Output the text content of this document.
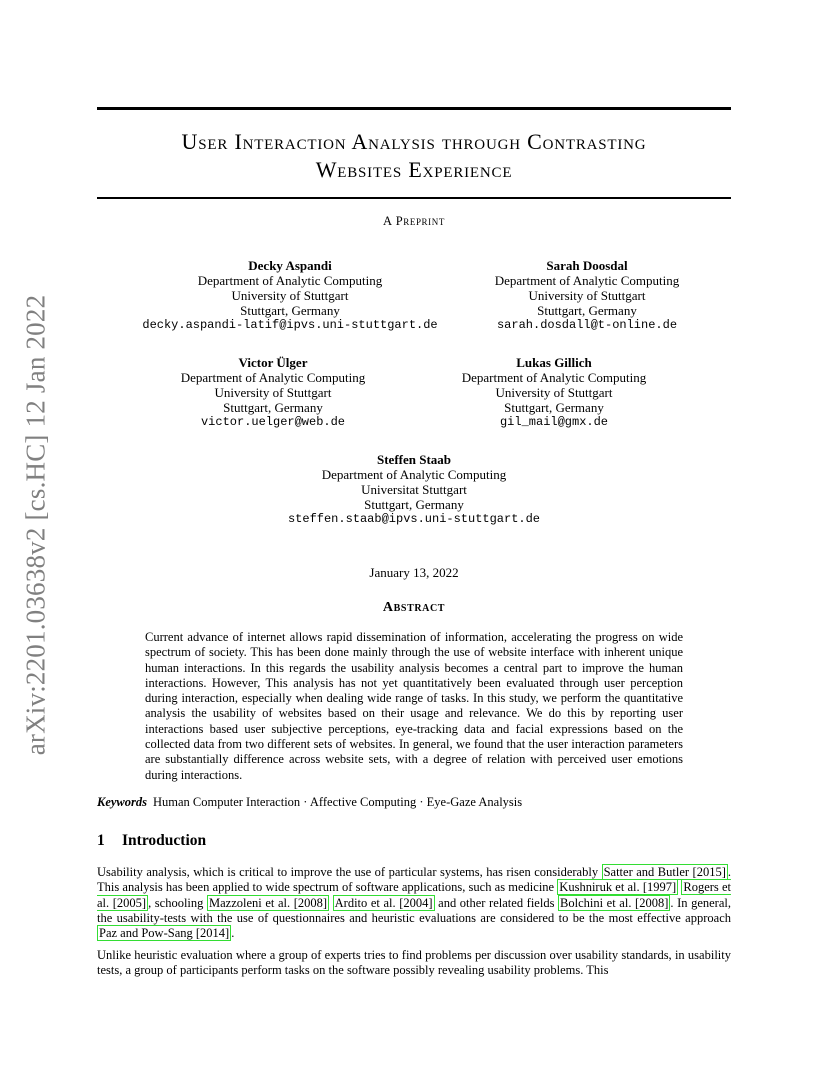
arXiv:2201.03638v2 [cs.HC] 12 Jan 2022
User Interaction Analysis through Contrasting
Websites Experience
A Preprint
Decky Aspandi
Department of Analytic Computing
University of Stuttgart
Stuttgart, Germany
decky.aspandi-latif@ipvs.uni-stuttgart.de
Sarah Doosdal
Department of Analytic Computing
University of Stuttgart
Stuttgart, Germany
sarah.dosdall@t-online.de
Victor Ülger
Department of Analytic Computing
University of Stuttgart
Stuttgart, Germany
victor.uelger@web.de
Lukas Gillich
Department of Analytic Computing
University of Stuttgart
Stuttgart, Germany
gil_mail@gmx.de
Steffen Staab
Department of Analytic Computing
Universitat Stuttgart
Stuttgart, Germany
steffen.staab@ipvs.uni-stuttgart.de
January 13, 2022
Abstract
Current advance of internet allows rapid dissemination of information, accelerating the progress on wide spectrum of society. This has been done mainly through the use of website interface with inherent unique human interactions. In this regards the usability analysis becomes a central part to improve the human interactions. However, This analysis has not yet quantitatively been evaluated through user perception during interaction, especially when dealing wide range of tasks. In this study, we perform the quantitative analysis the usability of websites based on their usage and relevance. We do this by reporting user interactions based user subjective perceptions, eye-tracking data and facial expressions based on the collected data from two different sets of websites. In general, we found that the user interaction parameters are substantially difference across website sets, with a degree of relation with perceived user emotions during interactions.
Keywords Human Computer Interaction · Affective Computing · Eye-Gaze Analysis
1 Introduction
Usability analysis, which is critical to improve the use of particular systems, has risen considerably Satter and Butler [2015] . This analysis has been applied to wide spectrum of software applications, such as medicine Kushniruk et al. [1997] Rogers et al. [2005] , schooling Mazzoleni et al. [2008] Ardito et al. [2004] and other related fields Bolchini et al. [2008] . In general, the usability-tests with the use of questionnaires and heuristic evaluations are considered to be the most effective approach Paz and Pow-Sang [2014] .
Unlike heuristic evaluation where a group of experts tries to find problems per discussion over usability standards, in usability tests, a group of participants perform tasks on the software possibly revealing usability problems. This
